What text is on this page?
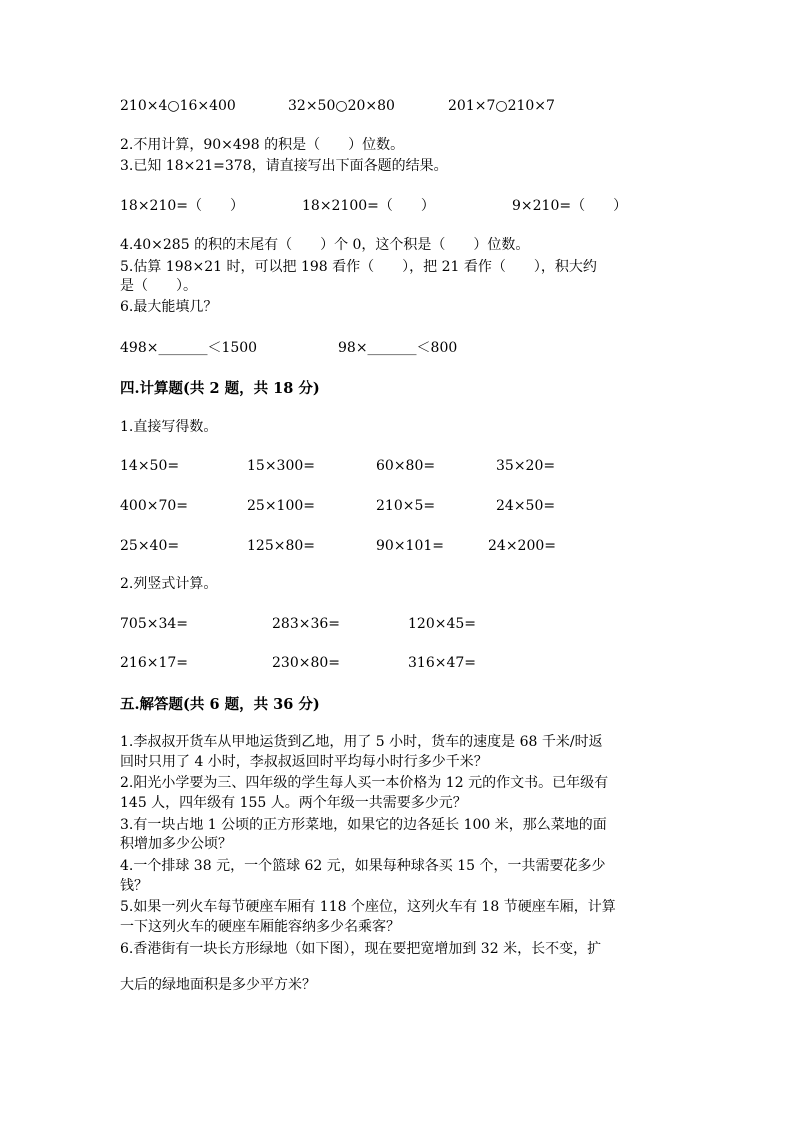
210×4○16×400	32×50○20×80	201×7○210×7
2.不用计算，90×498 的积是（　　）位数。
3.已知 18×21=378，请直接写出下面各题的结果。
18×210=（　　）	18×2100=（　　）	9×210=（　　）
4.40×285 的积的末尾有（　　）个 0，这个积是（　　）位数。
5.估算 198×21 时，可以把 198 看作（　　），把 21 看作（　　），积大约
是（　　）。
6.最大能填几？
498×_______＜1500	98×_______＜800
四.计算题(共 2 题，共 18 分)
1.直接写得数。
14×50=	15×300=	60×80=	35×20=
400×70=	25×100=	210×5=	24×50=
25×40=	125×80=	90×101=	24×200=
2.列竖式计算。
705×34=	283×36=	120×45=
216×17=	230×80=	316×47=
五.解答题(共 6 题，共 36 分)
1.李叔叔开货车从甲地运货到乙地，用了 5 小时，货车的速度是 68 千米/时返
回时只用了 4 小时，李叔叔返回时平均每小时行多少千米？
2.阳光小学要为三、四年级的学生每人买一本价格为 12 元的作文书。已年级有
145 人，四年级有 155 人。两个年级一共需要多少元？
3.有一块占地 1 公顷的正方形菜地，如果它的边各延长 100 米，那么菜地的面
积增加多少公顷？
4.一个排球 38 元，一个篮球 62 元，如果每种球各买 15 个，一共需要花多少
钱？
5.如果一列火车每节硬座车厢有 118 个座位，这列火车有 18 节硬座车厢，计算
一下这列火车的硬座车厢能容纳多少名乘客？
6.香港街有一块长方形绿地（如下图），现在要把宽增加到 32 米，长不变，扩
大后的绿地面积是多少平方米？
